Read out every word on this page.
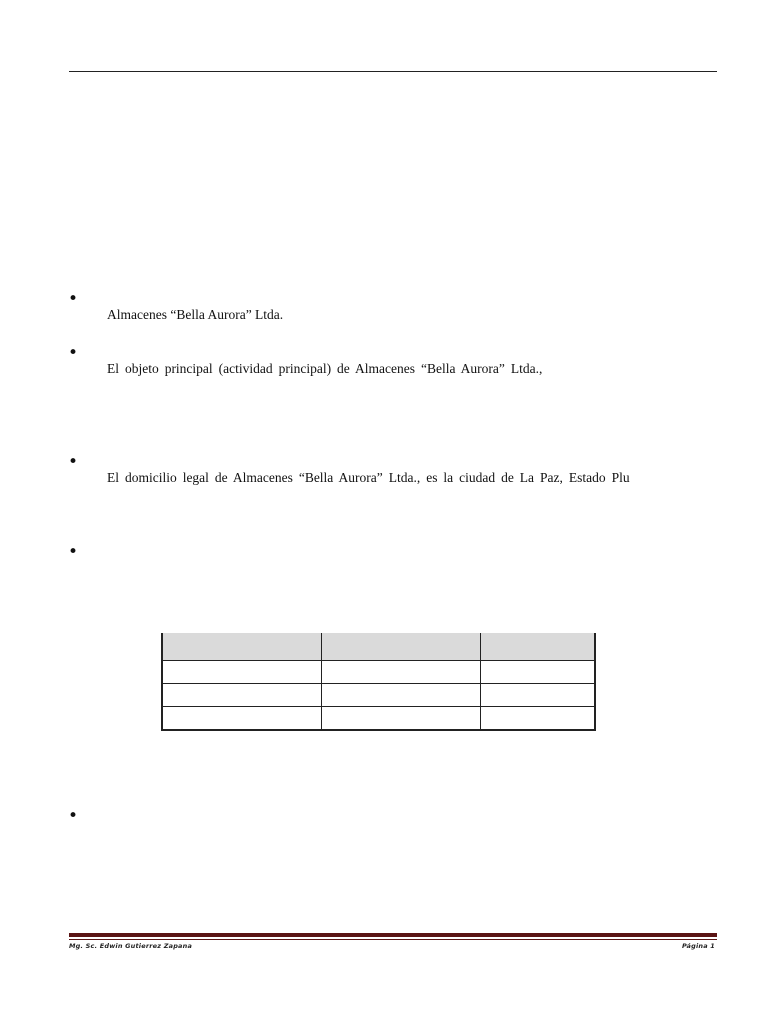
•
Almacenes “Bella Aurora” Ltda.
•
El objeto principal (actividad principal) de Almacenes “Bella Aurora” Ltda.,
•
El domicilio legal de Almacenes “Bella Aurora” Ltda., es la ciudad de La Paz, Estado Plu
•

•
Mg. Sc. Edwin Gutierrez Zapana	Página 1
